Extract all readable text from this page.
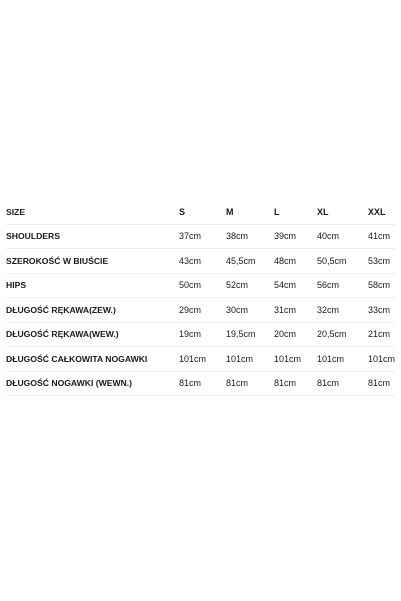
SIZE	S	M	L	XL	XXL
SHOULDERS	37cm	38cm	39cm	40cm	41cm
SZEROKOŚĆ W BIUŚCIE	43cm	45,5cm	48cm	50,5cm	53cm
HIPS	50cm	52cm	54cm	56cm	58cm
DŁUGOŚĆ RĘKAWA(ZEW.)	29cm	30cm	31cm	32cm	33cm
DŁUGOŚĆ RĘKAWA(WEW.)	19cm	19.5cm	20cm	20,5cm	21cm
DŁUGOŚĆ CAŁKOWITA NOGAWKI	101cm	101cm	101cm	101cm	101cm
DŁUGOŚĆ NOGAWKI (WEWN.)	81cm	81cm	81cm	81cm	81cm
